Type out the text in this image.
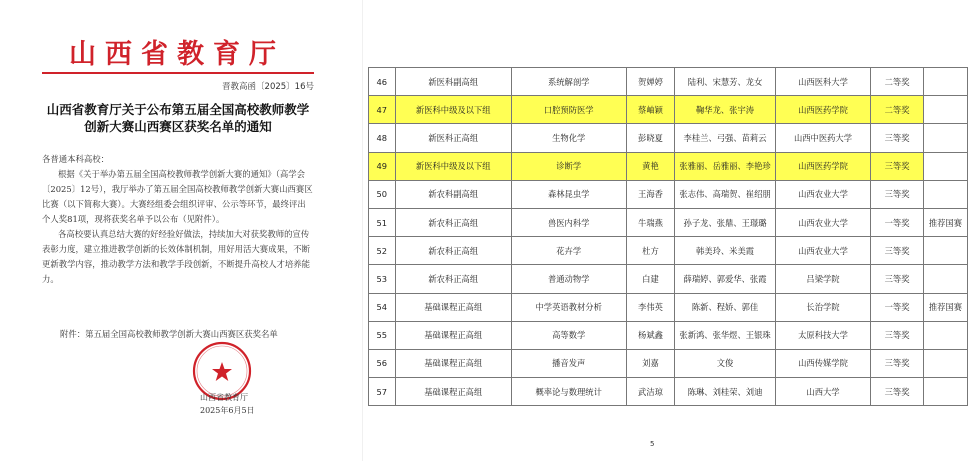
山西省教育厅
晋教高函〔2025〕16号
山西省教育厅关于公布第五届全国高校教师教学创新大赛山西赛区获奖名单的通知

各普通本科高校：

根据《关于举办第五届全国高校教师教学创新大赛的通知》（高学会〔2025〕12号），我厅举办了第五届全国高校教师教学创新大赛山西赛区比赛（以下简称大赛）。大赛经组委会组织评审、公示等环节，最终评出个人奖81项，现将获奖名单予以公布（见附件）。

各高校要认真总结大赛的好经验好做法，持续加大对获奖教师的宣传表彰力度，建立推进教学创新的长效体制机制，用好用活大赛成果，不断更新教学内容，推动教学方法和教学手段创新，不断提升高校人才培养能力。

附件：第五届全国高校教师教学创新大赛山西赛区获奖名单

山西省教育厅
2025年6月5日
46	新医科副高组	系统解剖学	贺婵婷	陆利、宋慧芳、龙女	山西医科大学	二等奖	
47	新医科中级及以下组	口腔预防医学	蔡岫颖	鞠华龙、张宇涛	山西医药学院	二等奖	
48	新医科正高组	生物化学	彭晓夏	李桂兰、弓强、苗莉云	山西中医药大学	三等奖	
49	新医科中级及以下组	诊断学	黄艳	张雅丽、岳雅丽、李艳珍	山西医药学院	三等奖	
50	新农科副高组	森林昆虫学	王海香	张志伟、高瑞贺、崔绍朋	山西农业大学	三等奖	
51	新农科正高组	兽医内科学	牛瑞燕	孙子龙、张鼎、王璟璐	山西农业大学	一等奖	推荐国赛
52	新农科正高组	花卉学	杜方	韩美玲、米美霞	山西农业大学	三等奖	
53	新农科正高组	普通动物学	白建	薛瑞婷、郭爱华、张霞	吕梁学院	三等奖	
54	基础课程正高组	中学英语教材分析	李伟英	陈新、程娇、郭佳	长治学院	一等奖	推荐国赛
55	基础课程正高组	高等数学	杨斌鑫	张新鸿、张华煜、王银珠	太原科技大学	三等奖	
56	基础课程正高组	播音发声	刘嘉	文俊	山西传媒学院	三等奖	
57	基础课程正高组	概率论与数理统计	武洁琼	陈琳、刘桂荣、刘迪	山西大学	三等奖	
5
